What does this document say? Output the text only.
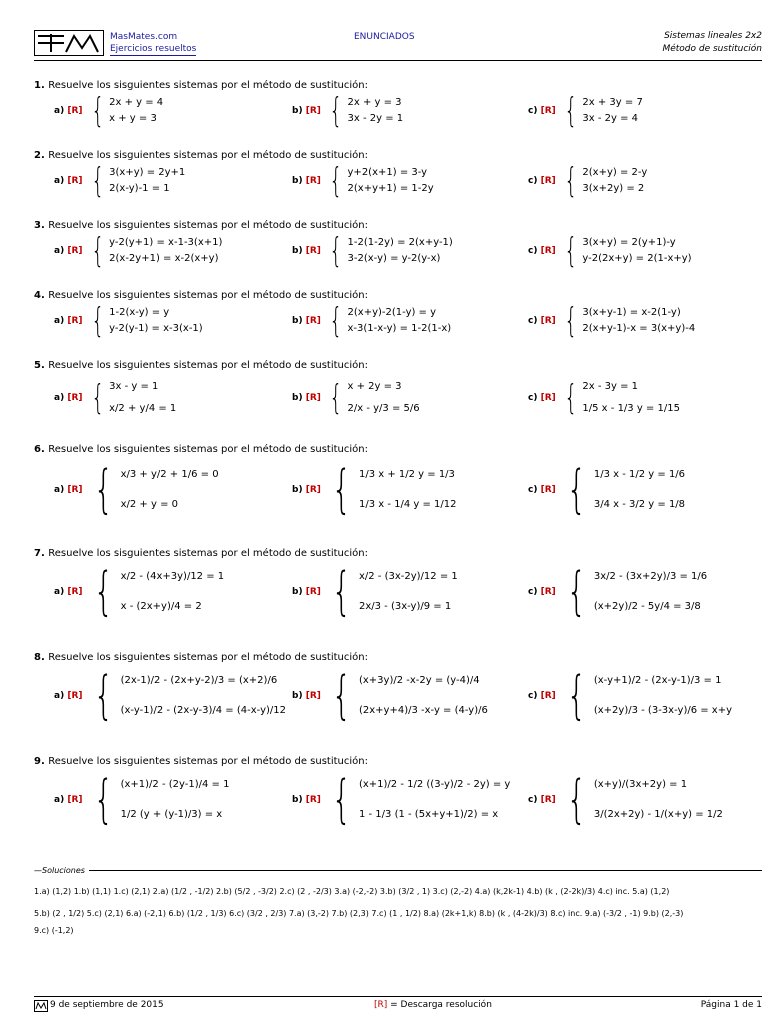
MasMates.com
Ejercicios resueltos
ENUNCIADOS	Sistemas lineales 2x2
Método de sustitución
1. Resuelve los sisguientes sistemas por el método de sustitución:
a) [R] { 2x + y = 4
x + y = 3
b) [R] { 2x + y = 3
3x - 2y = 1
c) [R] { 2x + 3y = 7
3x - 2y = 4
2. Resuelve los sisguientes sistemas por el método de sustitución:
a) [R] { 3(x+y) = 2y+1
2(x-y)-1 = 1
b) [R] { y+2(x+1) = 3-y
2(x+y+1) = 1-2y
c) [R] { 2(x+y) = 2-y
3(x+2y) = 2
3. Resuelve los sisguientes sistemas por el método de sustitución:
a) [R] { y-2(y+1) = x-1-3(x+1)
2(x-2y+1) = x-2(x+y)
b) [R] { 1-2(1-2y) = 2(x+y-1)
3-2(x-y) = y-2(y-x)
c) [R] { 3(x+y) = 2(y+1)-y
y-2(2x+y) = 2(1-x+y)
4. Resuelve los sisguientes sistemas por el método de sustitución:
a) [R] { 1-2(x-y) = y
y-2(y-1) = x-3(x-1)
b) [R] { 2(x+y)-2(1-y) = y
x-3(1-x-y) = 1-2(1-x)
c) [R] { 3(x+y-1) = x-2(1-y)
2(x+y-1)-x = 3(x+y)-4
5. Resuelve los sisguientes sistemas por el método de sustitución:
a) [R] { 3x - y = 1
x/2 + y/4 = 1
b) [R] { x + 2y = 3
2/x - y/3 = 5/6
c) [R] { 2x - 3y = 1
1/5 x - 1/3 y = 1/15
6. Resuelve los sisguientes sistemas por el método de sustitución:
a) [R] { x/3 + y/2 + 1/6 = 0
x/2 + y = 0
b) [R] { 1/3 x + 1/2 y = 1/3
1/3 x - 1/4 y = 1/12
c) [R] { 1/3 x - 1/2 y = 1/6
3/4 x - 3/2 y = 1/8
7. Resuelve los sisguientes sistemas por el método de sustitución:
a) [R] { x/2 - (4x+3y)/12 = 1
x - (2x+y)/4 = 2
b) [R] { x/2 - (3x-2y)/12 = 1
2x/3 - (3x-y)/9 = 1
c) [R] { 3x/2 - (3x+2y)/3 = 1/6
(x+2y)/2 - 5y/4 = 3/8
8. Resuelve los sisguientes sistemas por el método de sustitución:
a) [R] { (2x-1)/2 - (2x+y-2)/3 = (x+2)/6
(x-y-1)/2 - (2x-y-3)/4 = (4-x-y)/12
b) [R] { (x+3y)/2 -x-2y = (y-4)/4
(2x+y+4)/3 -x-y = (4-y)/6
c) [R] { (x-y+1)/2 - (2x-y-1)/3 = 1
(x+2y)/3 - (3-3x-y)/6 = x+y
9. Resuelve los sisguientes sistemas por el método de sustitución:
a) [R] { (x+1)/2 - (2y-1)/4 = 1
1/2 (y + (y-1)/3) = x
b) [R] { (x+1)/2 - 1/2 ((3-y)/2 - 2y) = y
1 - 1/3 (1 - (5x+y+1)/2) = x
c) [R] { (x+y)/(3x+2y) = 1
3/(2x+2y) - 1/(x+y) = 1/2
— Soluciones
1.a) (1,2) 1.b) (1,1) 1.c) (2,1) 2.a) (1/2 , -1/2) 2.b) (5/2 , -3/2) 2.c) (2 , -2/3) 3.a) (-2,-2) 3.b) (3/2 , 1) 3.c) (2,-2) 4.a) (k,2k-1) 4.b) (k , (2-2k)/3) 4.c) inc. 5.a) (1,2)
5.b) (2 , 1/2) 5.c) (2,1) 6.a) (-2,1) 6.b) (1/2 , 1/3) 6.c) (3/2 , 2/3) 7.a) (3,-2) 7.b) (2,3) 7.c) (1 , 1/2) 8.a) (2k+1,k) 8.b) (k , (4-2k)/3) 8.c) inc. 9.a) (-3/2 , -1) 9.b) (2,-3)
9.c) (-1,2)
9 de septiembre de 2015	[R] = Descarga resolución	Página 1 de 1
